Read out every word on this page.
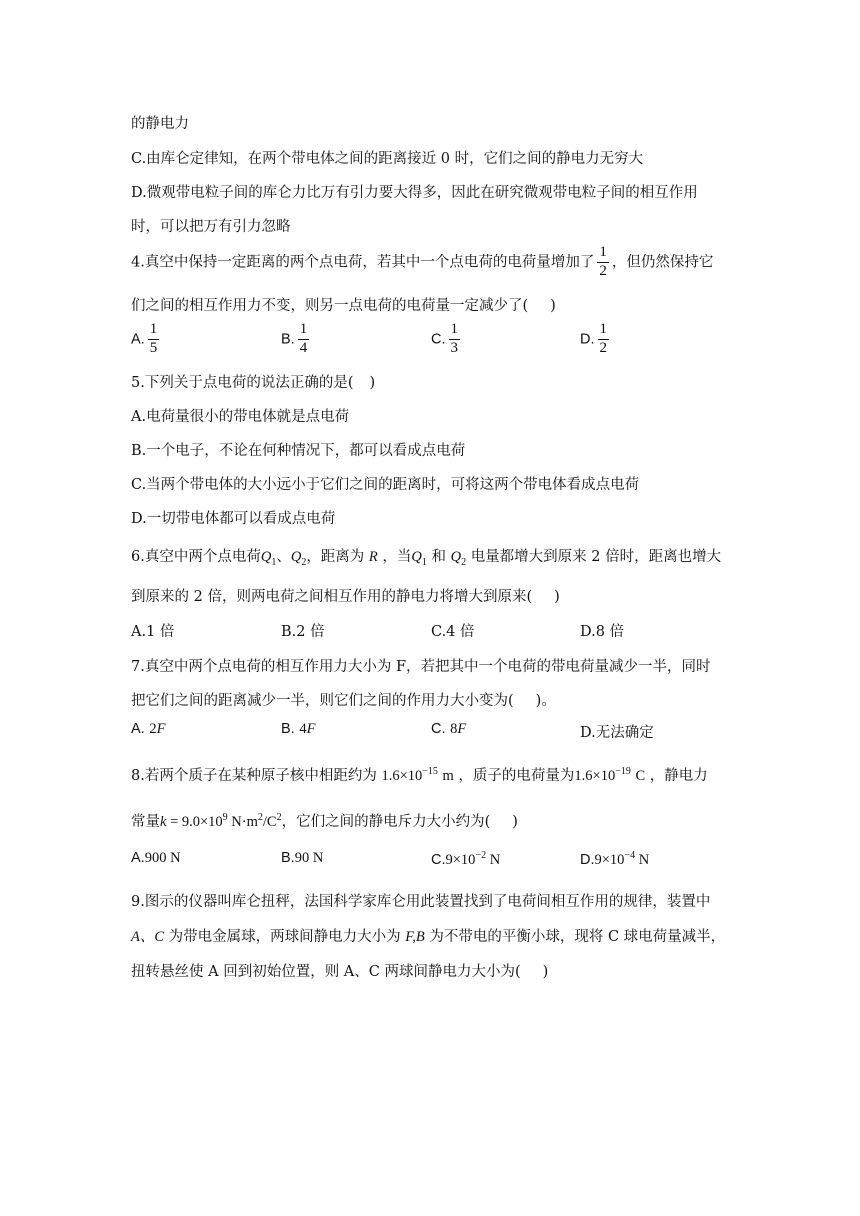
的静电力
C.由库仑定律知，在两个带电体之间的距离接近 0 时，它们之间的静电力无穷大
D.微观带电粒子间的库仑力比万有引力要大得多，因此在研究微观带电粒子间的相互作用
时，可以把万有引力忽略
4.真空中保持一定距离的两个点电荷，若其中一个点电荷的电荷量增加了 $\frac{1}{2}$ ，但仍然保持它
们之间的相互作用力不变，则另一点电荷的电荷量一定减少了( )
A. $\frac{1}{5}$	B. $\frac{1}{4}$	C. $\frac{1}{3}$	D. $\frac{1}{2}$
5.下列关于点电荷的说法正确的是( )
A.电荷量很小的带电体就是点电荷
B.一个电子，不论在何种情况下，都可以看成点电荷
C.当两个带电体的大小远小于它们之间的距离时，可将这两个带电体看成点电荷
D.一切带电体都可以看成点电荷
6.真空中两个点电荷$Q_1$、$Q_2$，距离为 R ，当$Q_1$ 和 $Q_2$ 电量都增大到原来 2 倍时，距离也增大
到原来的 2 倍，则两电荷之间相互作用的静电力将增大到原来( )
A.1 倍	B.2 倍	C.4 倍	D.8 倍
7.真空中两个点电荷的相互作用力大小为 F，若把其中一个电荷的带电荷量减少一半，同时
把它们之间的距离减少一半，则它们之间的作用力大小变为( )。
A. 2F	B. 4F	C. 8F	D.无法确定
8.若两个质子在某种原子核中相距约为 $1.6\times 10^{-15}$ m ，质子的电荷量为$1.6\times 10^{-19}$ C ，静电力
常量$k = 9.0\times 10^9$ $N\cdot m^2/C^2$，它们之间的静电斥力大小约为( )
A.900 N	B.90 N	$C.9\times 10^{-2}$ N	$D.9\times 10^{-4}$ N
9.图示的仪器叫库仑扭秤，法国科学家库仑用此装置找到了电荷间相互作用的规律，装置中
A、C 为带电金属球，两球间静电力大小为 F,B 为不带电的平衡小球，现将 C 球电荷量减半，
扭转悬丝使 A 回到初始位置，则 A、C 两球间静电力大小为( )
